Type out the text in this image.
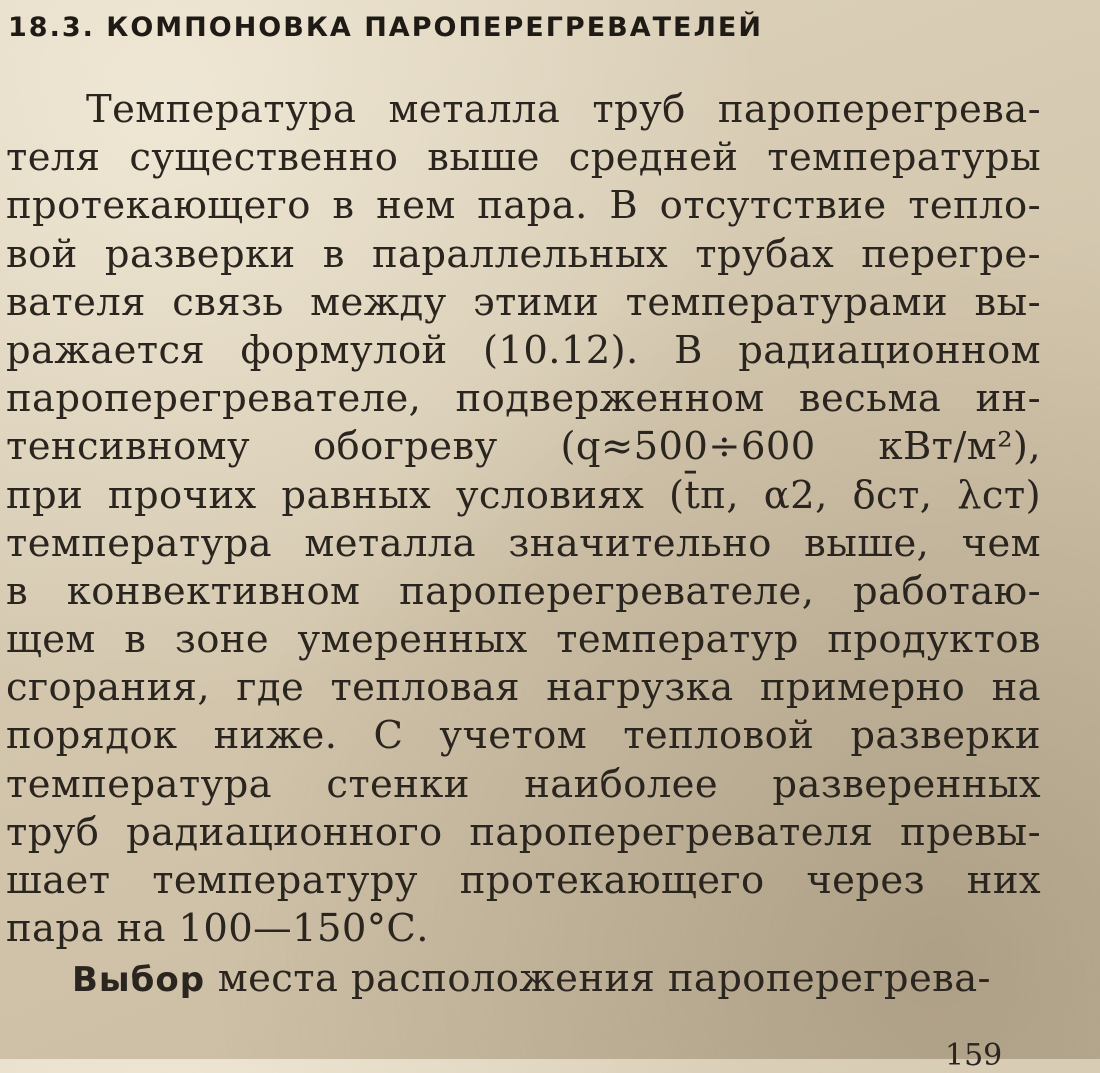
18.3. КОМПОНОВКА ПАРОПЕРЕГРЕВАТЕЛЕЙ
Температура металла труб пароперегрева-
теля существенно выше средней температуры
протекающего в нем пара. В отсутствие тепло-
вой разверки в параллельных трубах перегре-
вателя связь между этими температурами вы-
ражается формулой (10.12). В радиационном
пароперегревателе, подверженном весьма ин-
тенсивному обогреву (q≈500÷600 кВт/м²),
при прочих равных условиях (t̄п, α2, δст, λст)
температура металла значительно выше, чем
в конвективном пароперегревателе, работаю-
щем в зоне умеренных температур продуктов
сгорания, где тепловая нагрузка примерно на
порядок ниже. С учетом тепловой разверки
температура стенки наиболее разверенных
труб радиационного пароперегревателя превы-
шает температуру протекающего через них
пара на 100—150°С.
Выбор места расположения пароперегрева-
159
